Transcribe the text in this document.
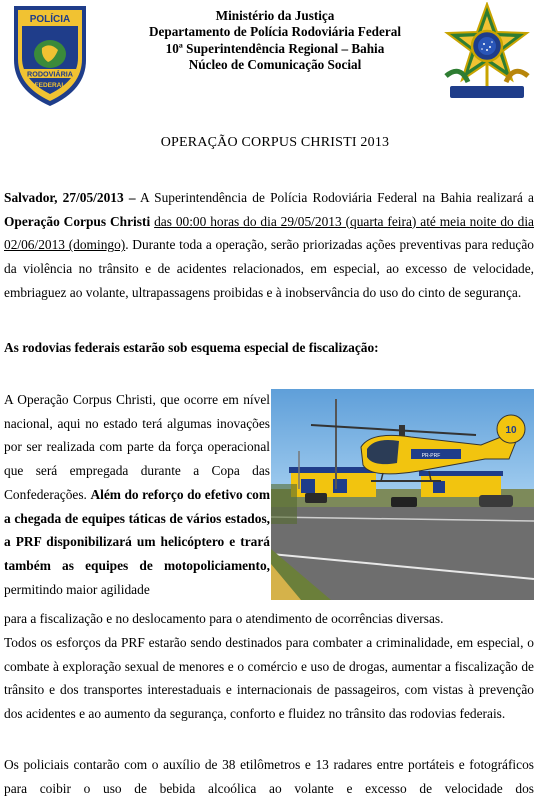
POLÍCIA
RODOVIÁRIA
FEDERAL
Ministério da Justiça
Departamento de Polícia Rodoviária Federal
10ª Superintendência Regional – Bahia
Núcleo de Comunicação Social
OPERAÇÃO CORPUS CHRISTI 2013
Salvador, 27/05/2013 – A Superintendência de Polícia Rodoviária Federal na Bahia realizará a Operação Corpus Christi das 00:00 horas do dia 29/05/2013 (quarta feira) até meia noite do dia 02/06/2013 (domingo). Durante toda a operação, serão priorizadas ações preventivas para redução da violência no trânsito e de acidentes relacionados, em especial, ao excesso de velocidade, embriaguez ao volante, ultrapassagens proibidas e à inobservância do uso do cinto de segurança.
As rodovias federais estarão sob esquema especial de fiscalização:
A Operação Corpus Christi, que ocorre em nível nacional, aqui no estado terá algumas inovações por ser realizada com parte da força operacional que será empregada durante a Copa das Confederações. Além do reforço do efetivo com a chegada de equipes táticas de vários estados, a PRF disponibilizará um helicóptero e trará também as equipes de motopoliciamento, permitindo maior agilidade
10
PR-PRF
para a fiscalização e no deslocamento para o atendimento de ocorrências diversas.
Todos os esforços da PRF estarão sendo destinados para combater a criminalidade, em especial, o combate à exploração sexual de menores e o comércio e uso de drogas, aumentar a fiscalização de trânsito e dos transportes interestaduais e internacionais de passageiros, com vistas à prevenção dos acidentes e ao aumento da segurança, conforto e fluidez no trânsito das rodovias federais.
Os policiais contarão com o auxílio de 38 etilômetros e 13 radares entre portáteis e fotográficos para coibir o uso de bebida alcoólica ao volante e excesso de velocidade dos
